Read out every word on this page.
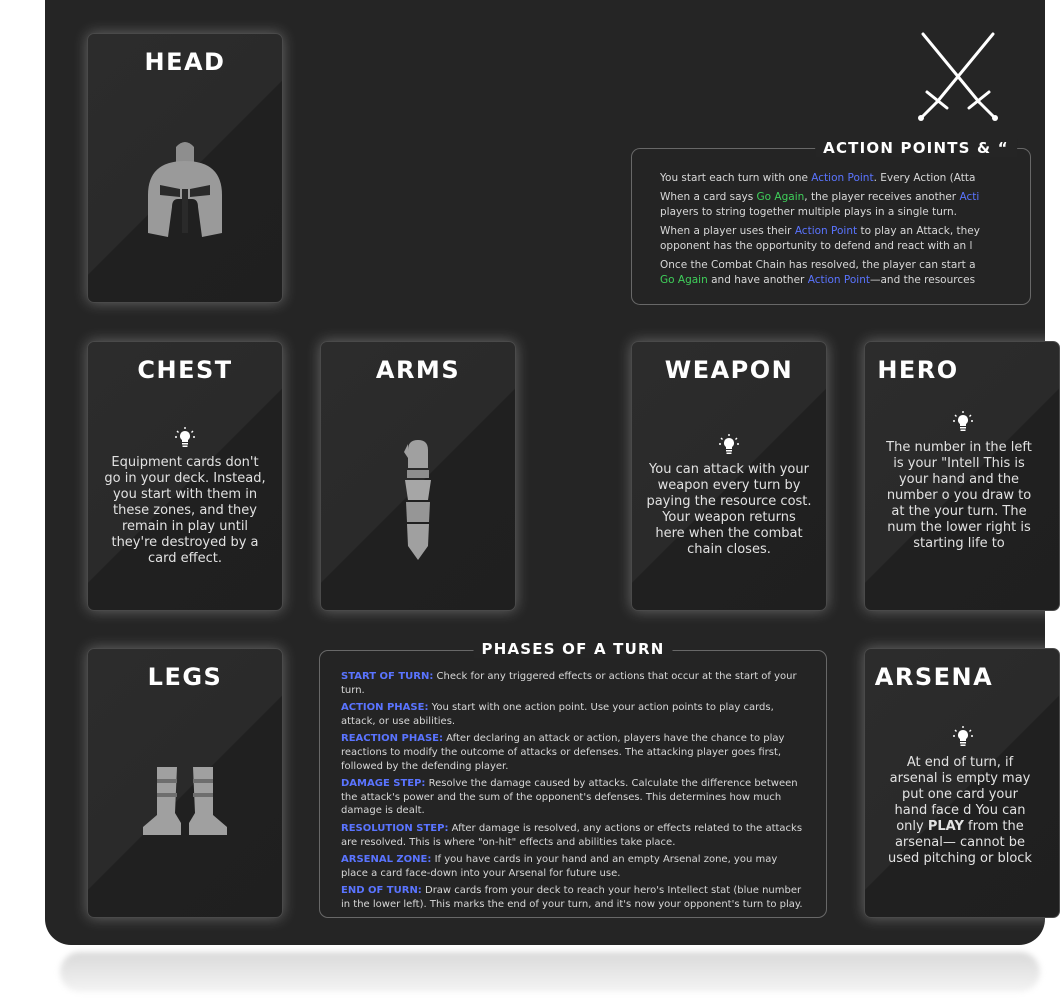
HEAD
CHEST
Equipment cards don't go in your deck. Instead, you start with them in these zones, and they remain in play until they're destroyed by a card effect.
ARMS	WEAPON
You can attack with your weapon every turn by paying the resource cost. Your weapon returns here when the combat chain closes.
HERO
The number in the left is your "Intell This is your hand and the number o you draw to at the your turn. The num the lower right is starting life to
LEGS	ARSENA
At end of turn, if arsenal is empty may put one card your hand face d You can only PLAY from the arsenal— cannot be used pitching or block

You start each turn with one Action Point. Every Action (Atta

When a card says Go Again, the player receives another Acti
players to string together multiple plays in a single turn.

When a player uses their Action Point to play an Attack, they
opponent has the opportunity to defend and react with an l

Once the Combat Chain has resolved, the player can start a
Go Again and have another Action Point—and the resources

ACTION POINTS & “
START OF TURN: Check for any triggered effects or actions that occur at the start of your turn.
ACTION PHASE: You start with one action point. Use your action points to play cards, attack, or use abilities.
REACTION PHASE: After declaring an attack or action, players have the chance to play reactions to modify the outcome of attacks or defenses. The attacking player goes first, followed by the defending player.
DAMAGE STEP: Resolve the damage caused by attacks. Calculate the difference between the attack's power and the sum of the opponent's defenses. This determines how much damage is dealt.
RESOLUTION STEP: After damage is resolved, any actions or effects related to the attacks are resolved. This is where "on-hit" effects and abilities take place.
ARSENAL ZONE: If you have cards in your hand and an empty Arsenal zone, you may place a card face-down into your Arsenal for future use.
END OF TURN: Draw cards from your deck to reach your hero's Intellect stat (blue number in the lower left). This marks the end of your turn, and it's now your opponent's turn to play.
PHASES OF A TURN
